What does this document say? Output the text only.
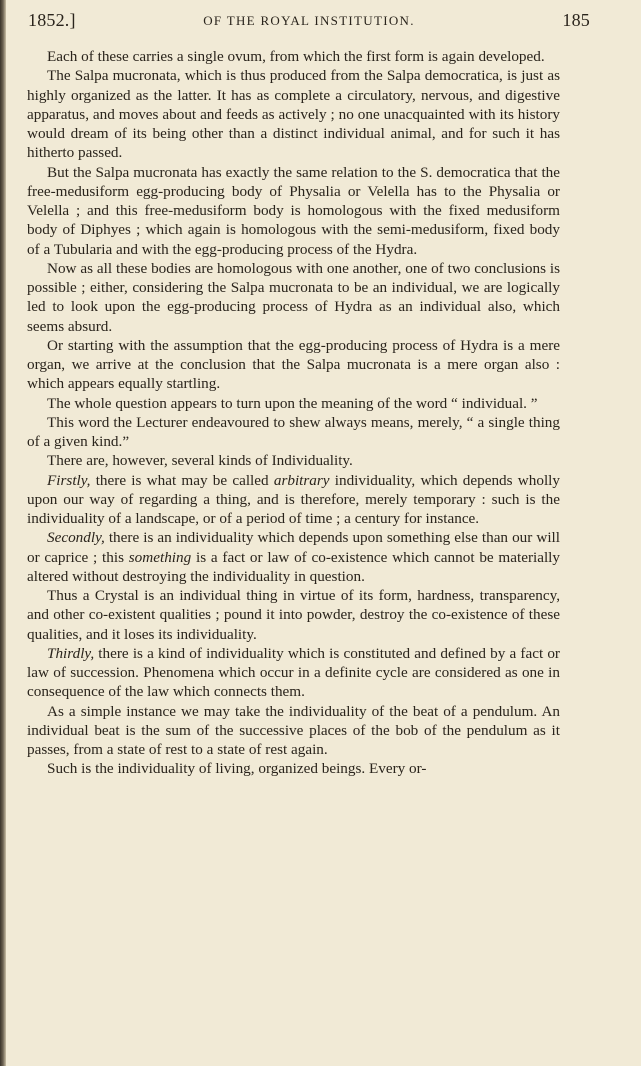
1852.]	OF THE ROYAL INSTITUTION.	185

Each of these carries a single ovum, from which the first form is again developed.

The Salpa mucronata, which is thus produced from the Salpa democratica, is just as highly organized as the latter. It has as complete a circulatory, nervous, and digestive apparatus, and moves about and feeds as actively ; no one unacquainted with its history would dream of its being other than a distinct individual animal, and for such it has hitherto passed.

But the Salpa mucronata has exactly the same relation to the S. democratica that the free-medusiform egg-producing body of Physalia or Velella has to the Physalia or Velella ; and this free-medusiform body is homologous with the fixed medusiform body of Diphyes ; which again is homologous with the semi-medusiform, fixed body of a Tubularia and with the egg-producing process of the Hydra.

Now as all these bodies are homologous with one another, one of two conclusions is possible ; either, considering the Salpa mucronata to be an individual, we are logically led to look upon the egg-producing process of Hydra as an individual also, which seems absurd.

Or starting with the assumption that the egg-producing process of Hydra is a mere organ, we arrive at the conclusion that the Salpa mucronata is a mere organ also : which appears equally startling.

The whole question appears to turn upon the meaning of the word “ individual. ”

This word the Lecturer endeavoured to shew always means, merely, “ a single thing of a given kind.”

There are, however, several kinds of Individuality.

Firstly, there is what may be called arbitrary individuality, which depends wholly upon our way of regarding a thing, and is therefore, merely temporary : such is the individuality of a landscape, or of a period of time ; a century for instance.

Secondly, there is an individuality which depends upon something else than our will or caprice ; this something is a fact or law of co-existence which cannot be materially altered without destroying the individuality in question.

Thus a Crystal is an individual thing in virtue of its form, hardness, transparency, and other co-existent qualities ; pound it into powder, destroy the co-existence of these qualities, and it loses its individuality.

Thirdly, there is a kind of individuality which is constituted and defined by a fact or law of succession. Phenomena which occur in a definite cycle are considered as one in consequence of the law which connects them.

As a simple instance we may take the individuality of the beat of a pendulum. An individual beat is the sum of the successive places of the bob of the pendulum as it passes, from a state of rest to a state of rest again.

Such is the individuality of living, organized beings. Every or-
